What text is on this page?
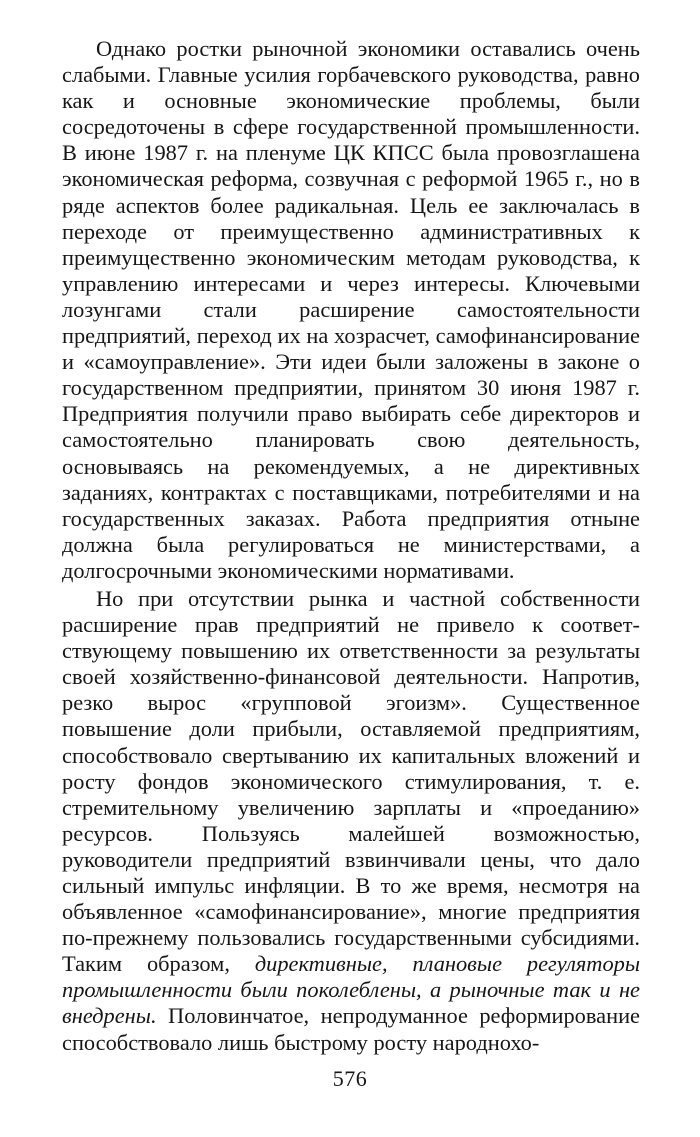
Однако ростки рыночной экономики оставались очень слабыми. Главные усилия горбачевского руководства, равно как и основные экономические проблемы, были сосредоточены в сфере государственной промышленности. В июне 1987 г. на пленуме ЦК КПСС была провозглашена экономическая реформа, созвучная с реформой 1965 г., но в ряде аспектов более радикальная. Цель ее заключалась в переходе от преимущественно административных к преимущественно экономическим методам руководства, к управлению интересами и через интересы. Ключевыми лозунгами стали расширение самостоятельности предприятий, переход их на хозрасчет, самофинансирование и «самоуправление». Эти идеи были заложены в законе о государственном предприятии, принятом 30 июня 1987 г. Предприятия получили право выбирать себе директоров и самостоятельно планировать свою деятельность, основываясь на рекомендуемых, а не директивных заданиях, контрактах с поставщиками, потребителями и на государственных заказах. Работа предприятия отныне должна была регулироваться не министерствами, а долгосрочными экономическими нормативами.

Но при отсутствии рынка и частной собственности расширение прав предприятий не привело к соответствующему повышению их ответственности за результаты своей хозяйственно-финансовой деятельности. Напротив, резко вырос «групповой эгоизм». Существенное повышение доли прибыли, оставляемой предприятиям, способствовало свертыванию их капитальных вложений и росту фондов экономического стимулирования, т. е. стремительному увеличению зарплаты и «проеданию» ресурсов. Пользуясь малейшей возможностью, руководители предприятий взвинчивали цены, что дало сильный импульс инфляции. В то же время, несмотря на объявленное «самофинансирование», многие предприятия по-прежнему пользовались государственными субсидиями. Таким образом, директивные, плановые регуляторы промышленности были поколеблены, а рыночные так и не внедрены. Половинчатое, непродуманное реформирование способствовало лишь быстрому росту народнохо-

576
